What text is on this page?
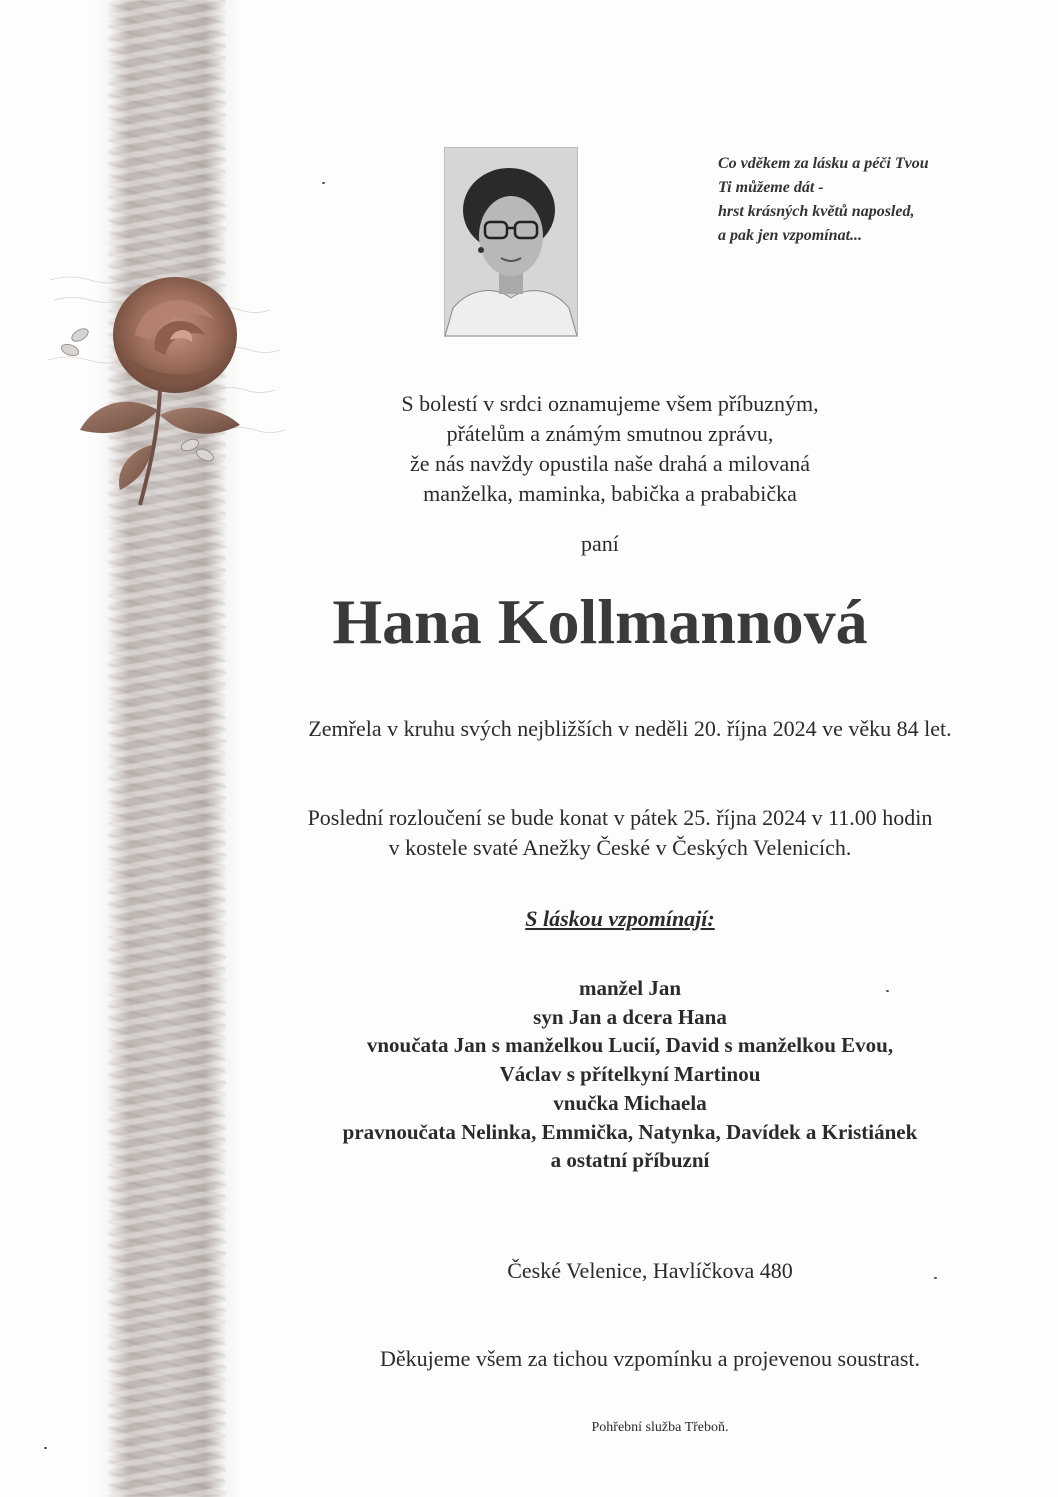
Co vděkem za lásku a péči Tvou
Ti můžeme dát -
hrst krásných květů naposled,
a pak jen vzpomínat...
S bolestí v srdci oznamujeme všem příbuzným,
přátelům a známým smutnou zprávu,
že nás navždy opustila naše drahá a milovaná
manželka, maminka, babička a prababička
paní
Hana Kollmannová
Zemřela v kruhu svých nejbližších v neděli 20. října 2024 ve věku 84 let.
Poslední rozloučení se bude konat v pátek 25. října 2024 v 11.00 hodin
v kostele svaté Anežky České v Českých Velenicích.
S láskou vzpomínají:
manžel Jan
syn Jan a dcera Hana
vnoučata Jan s manželkou Lucií, David s manželkou Evou,
Václav s přítelkyní Martinou
vnučka Michaela
pravnoučata Nelinka, Emmička, Natynka, Davídek a Kristiánek
a ostatní příbuzní
České Velenice, Havlíčkova 480
Děkujeme všem za tichou vzpomínku a projevenou soustrast.
Pohřební služba Třeboň.
